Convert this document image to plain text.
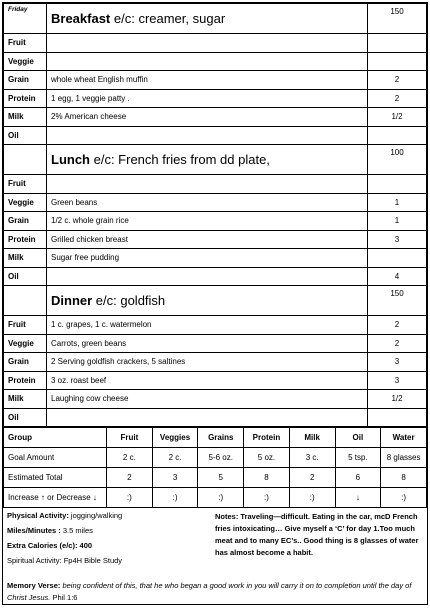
Friday	Breakfast e/c: creamer, sugar	150
Fruit		
Veggie		
Grain	whole wheat English muffin	2
Protein	1 egg, 1 veggie patty .	2
Milk	2% American cheese	1/2
Oil		
	Lunch e/c: French fries from dd plate,	100
Fruit		
Veggie	Green beans	1
Grain	1/2 c. whole grain rice	1
Protein	Grilled chicken breast	3
Milk	Sugar free pudding	
Oil		4
	Dinner e/c: goldfish	150
Fruit	1 c. grapes, 1 c. watermelon	2
Veggie	Carrots, green beans	2
Grain	2 Serving goldfish crackers, 5 saltines	3
Protein	3 oz. roast beef	3
Milk	Laughing cow cheese	1/2
Oil		
Group	Fruit	Veggies	Grains	Protein	Milk	Oil	Water
Goal Amount	2 c.	2 c.	5-6 oz.	5 oz.	3 c.	5 tsp.	8 glasses
Estimated Total	2	3	5	8	2	6	8
Increase ↑ or Decrease ↓	:)	:)	:)	:)	:)	↓	:)
Physical Activity: jogging/walking
Miles/Minutes : 3.5 miles
Extra Calories (e/c): 400
Spiritual Activity: Fp4H Bible Study
Notes: Traveling—difficult. Eating in the car, mcD French fries intoxicating… Give myself a ‘C’ for day 1.Too much meat and to many EC’s.. Good thing is 8 glasses of water has almost become a habit.
Memory Verse: being confident of this, that he who began a good work in you will carry it on to completion until the day of Christ Jesus. Phil 1:6
